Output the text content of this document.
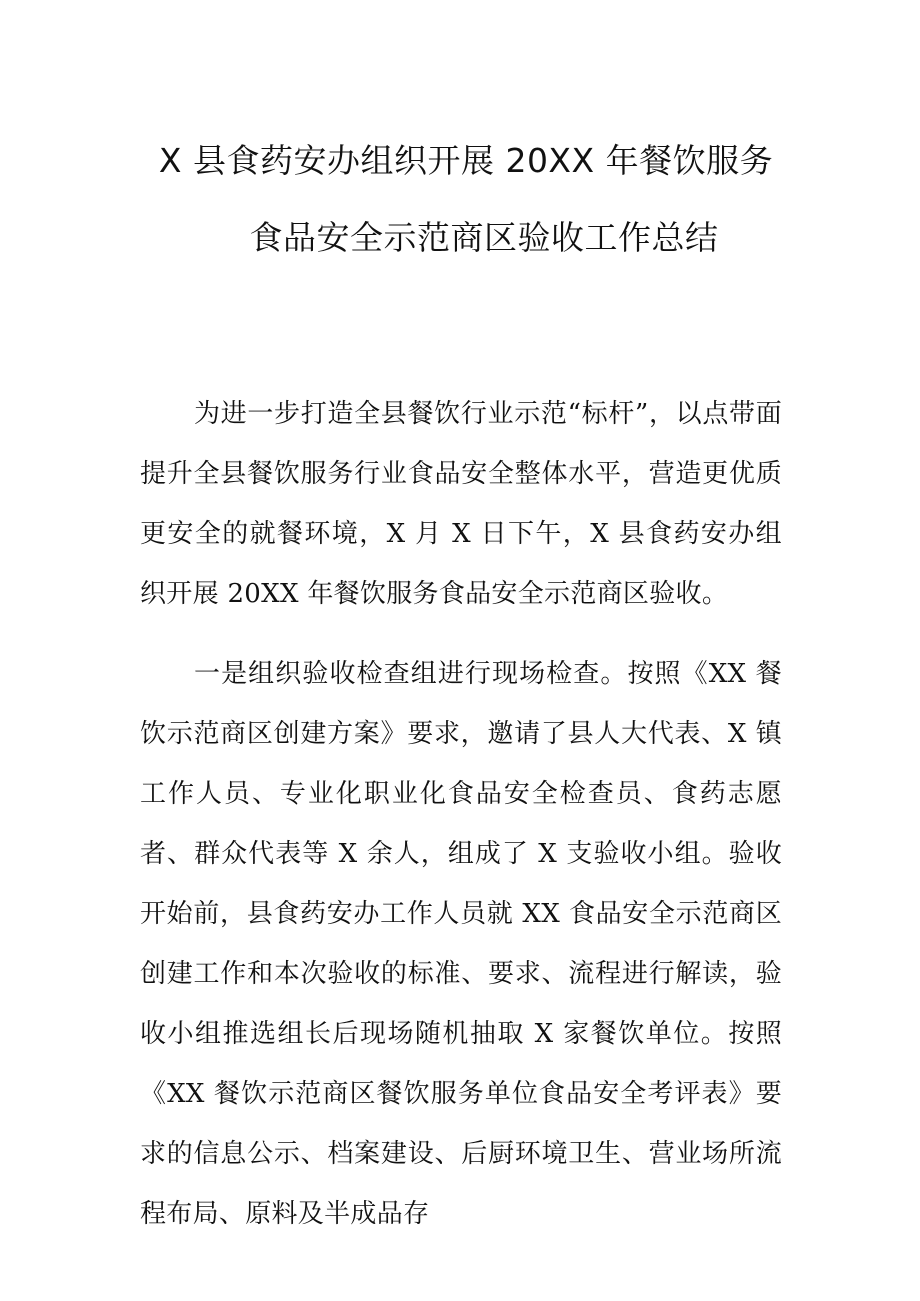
X 县食药安办组织开展 20XX 年餐饮服务
食品安全示范商区验收工作总结

为进一步打造全县餐饮行业示范“标杆”，以点带面提升全县餐饮服务行业食品安全整体水平，营造更优质更安全的就餐环境，X 月 X 日下午，X 县食药安办组织开展 20XX 年餐饮服务食品安全示范商区验收。

一是组织验收检查组进行现场检查。按照《XX 餐饮示范商区创建方案》要求，邀请了县人大代表、X 镇工作人员、专业化职业化食品安全检查员、食药志愿者、群众代表等 X 余人，组成了 X 支验收小组。验收开始前，县食药安办工作人员就 XX 食品安全示范商区创建工作和本次验收的标准、要求、流程进行解读，验收小组推选组长后现场随机抽取 X 家餐饮单位。按照《XX 餐饮示范商区餐饮服务单位食品安全考评表》要求的信息公示、档案建设、后厨环境卫生、营业场所流程布局、原料及半成品存
